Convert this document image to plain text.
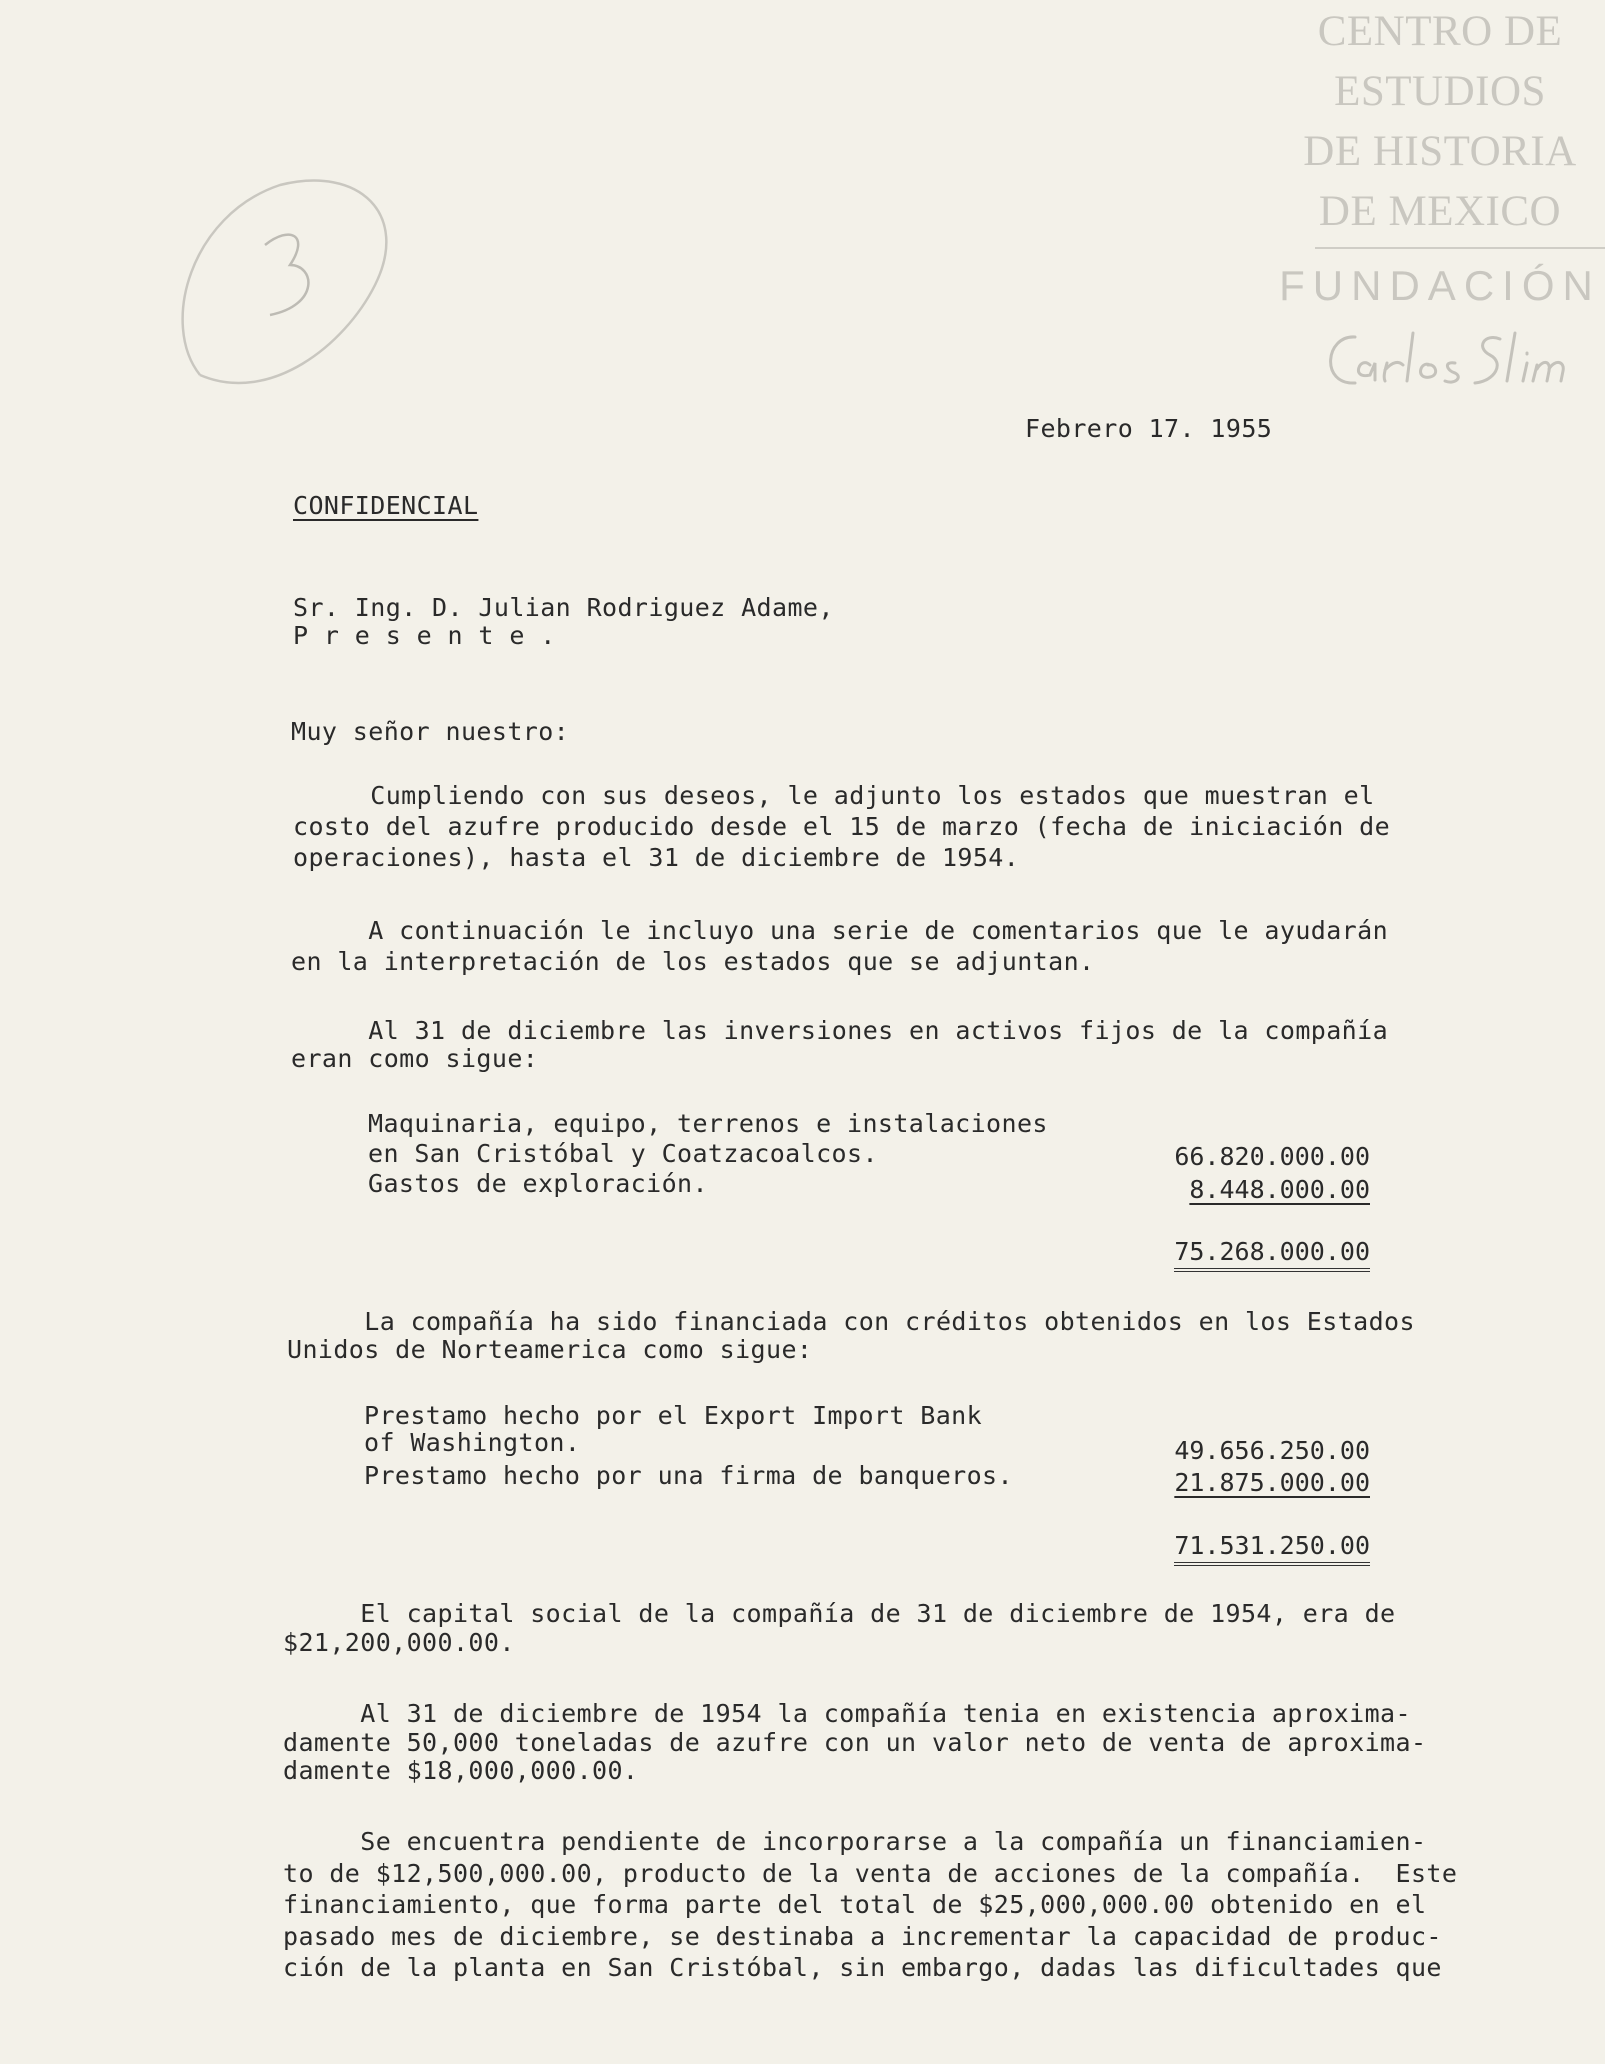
CENTRO DE
ESTUDIOS
DE HISTORIA
DE MEXICO
FUNDACIÓN
Febrero 17. 1955
CONFIDENCIAL
Sr. Ing. D. Julian Rodriguez Adame,
P r e s e n t e .
Muy señor nuestro:
Cumpliendo con sus deseos, le adjunto los estados que muestran el
costo del azufre producido desde el 15 de marzo (fecha de iniciación de
operaciones), hasta el 31 de diciembre de 1954.
A continuación le incluyo una serie de comentarios que le ayudarán
en la interpretación de los estados que se adjuntan.
Al 31 de diciembre las inversiones en activos fijos de la compañía
eran como sigue:
Maquinaria, equipo, terrenos e instalaciones
en San Cristóbal y Coatzacoalcos.	66.820.000.00
Gastos de exploración.	8.448.000.00
75.268.000.00
La compañía ha sido financiada con créditos obtenidos en los Estados
Unidos de Norteamerica como sigue:
Prestamo hecho por el Export Import Bank
of Washington.	49.656.250.00
Prestamo hecho por una firma de banqueros.	21.875.000.00
71.531.250.00
El capital social de la compañía de 31 de diciembre de 1954, era de
$21,200,000.00.
Al 31 de diciembre de 1954 la compañía tenia en existencia aproxima-
damente 50,000 toneladas de azufre con un valor neto de venta de aproxima-
damente $18,000,000.00.
Se encuentra pendiente de incorporarse a la compañía un financiamien-
to de $12,500,000.00, producto de la venta de acciones de la compañía.  Este
financiamiento, que forma parte del total de $25,000,000.00 obtenido en el
pasado mes de diciembre, se destinaba a incrementar la capacidad de produc-
ción de la planta en San Cristóbal, sin embargo, dadas las dificultades que
